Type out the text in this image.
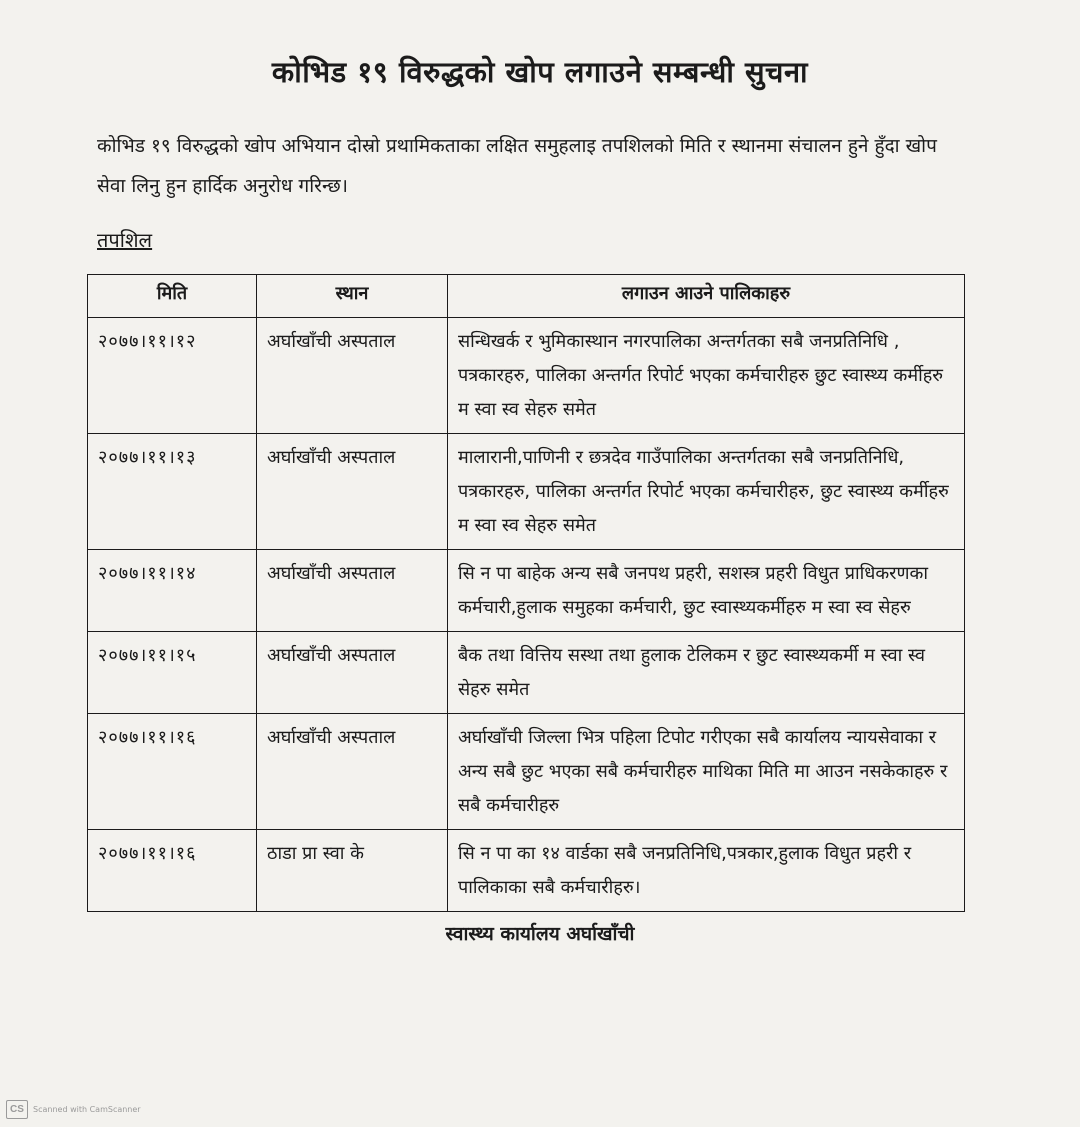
कोभिड १९ विरुद्धको खोप लगाउने सम्बन्धी सुचना
कोभिड १९ विरुद्धको खोप अभियान दोस्रो प्रथामिकताका लक्षित समुहलाइ तपशिलको मिति र स्थानमा संचालन हुने हुँदा खोप सेवा लिनु हुन हार्दिक अनुरोध गरिन्छ।
तपशिल
मिति	स्थान	लगाउन आउने पालिकाहरु
२०७७।११।१२	अर्घाखाँची अस्पताल	सन्धिखर्क र भुमिकास्थान नगरपालिका अन्तर्गतका सबै जनप्रतिनिधि , पत्रकारहरु, पालिका अन्तर्गत रिपोर्ट भएका कर्मचारीहरु छुट स्वास्थ्य कर्मीहरु म स्वा स्व सेहरु समेत
२०७७।११।१३	अर्घाखाँची अस्पताल	मालारानी,पाणिनी र छत्रदेव गाउँपालिका अन्तर्गतका सबै जनप्रतिनिधि, पत्रकारहरु, पालिका अन्तर्गत रिपोर्ट भएका कर्मचारीहरु, छुट स्वास्थ्य कर्मीहरु म स्वा स्व सेहरु समेत
२०७७।११।१४	अर्घाखाँची अस्पताल	सि न पा बाहेक अन्य सबै जनपथ प्रहरी, सशस्त्र प्रहरी विधुत प्राधिकरणका कर्मचारी,हुलाक समुहका कर्मचारी, छुट स्वास्थ्यकर्मीहरु म स्वा स्व सेहरु
२०७७।११।१५	अर्घाखाँची अस्पताल	बैक तथा वित्तिय सस्था तथा हुलाक टेलिकम र छुट स्वास्थ्यकर्मी म स्वा स्व सेहरु समेत
२०७७।११।१६	अर्घाखाँची अस्पताल	अर्घाखाँची जिल्ला भित्र पहिला टिपोट गरीएका सबै कार्यालय न्यायसेवाका र अन्य सबै छुट भएका सबै कर्मचारीहरु माथिका मिति मा आउन नसकेकाहरु र सबै कर्मचारीहरु
२०७७।११।१६	ठाडा प्रा स्वा के	सि न पा का १४ वार्डका सबै जनप्रतिनिधि,पत्रकार,हुलाक विधुत प्रहरी र पालिकाका सबै कर्मचारीहरु।
स्वास्थ्य कार्यालय अर्घाखाँची
CS	Scanned with CamScanner
